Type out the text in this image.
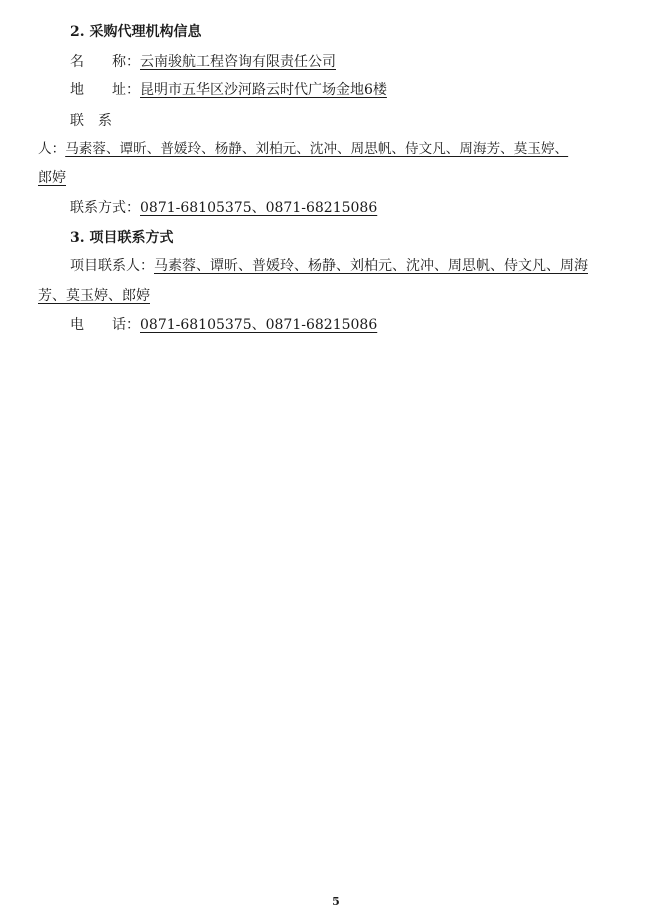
2. 采购代理机构信息
名　　称：云南骏航工程咨询有限责任公司
地　　址：昆明市五华区沙河路云时代广场金地6楼
联　系
人：马素蓉、谭昕、普媛玲、杨静、刘柏元、沈冲、周思帆、侍文凡、周海芳、莫玉婷、
郎婷
联系方式：0871-68105375、0871-68215086
3. 项目联系方式
项目联系人：马素蓉、谭昕、普媛玲、杨静、刘柏元、沈冲、周思帆、侍文凡、周海
芳、莫玉婷、郎婷
电　　话：0871-68105375、0871-68215086
5
